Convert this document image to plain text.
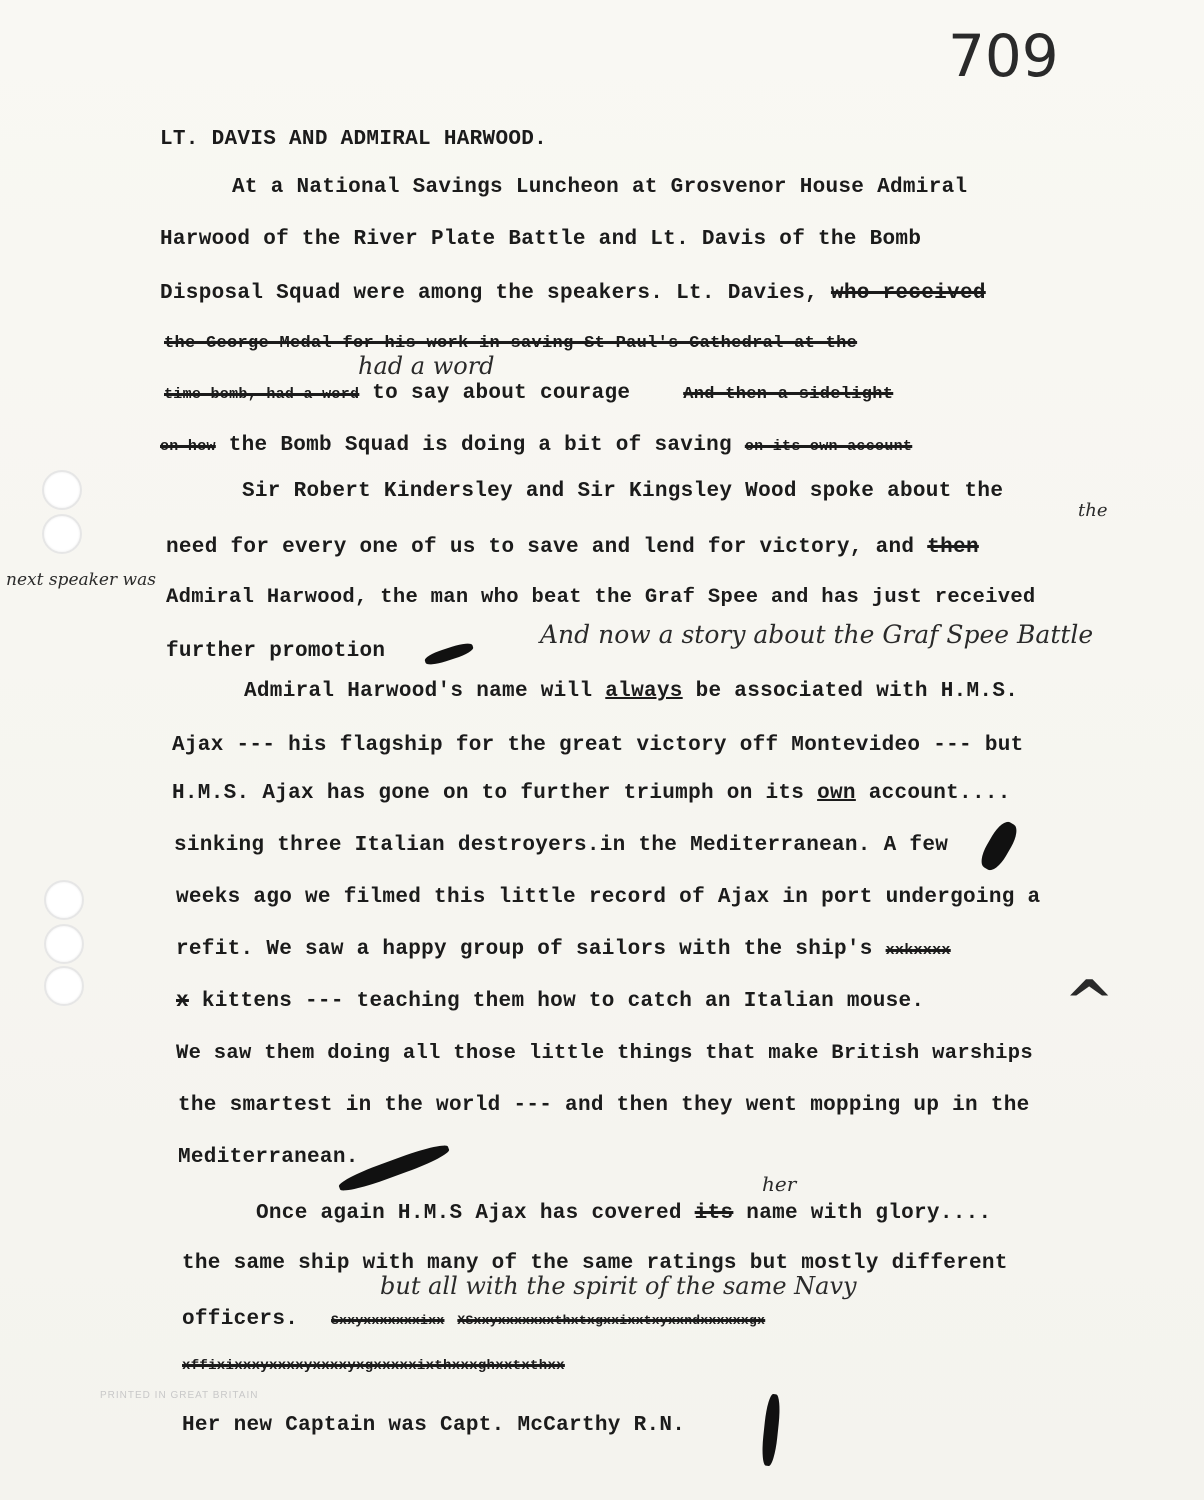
709
LT. DAVIS AND ADMIRAL HARWOOD.
At a National Savings Luncheon at Grosvenor House Admiral
Harwood of the River Plate Battle and Lt. Davis of the Bomb
Disposal Squad were among the speakers. Lt. Davies, who received
the George Medal for his work in saving St Paul's Cathedral at the
had a word
time bomb, had a word to say about courage	And then a sidelight
on how the Bomb Squad is doing a bit of saving on its own account
Sir Robert Kindersley and Sir Kingsley Wood spoke about the
the
need for every one of us to save and lend for victory, and then
next speaker was
Admiral Harwood, the man who beat the Graf Spee and has just received
further promotion
And now a story about the Graf Spee Battle
Admiral Harwood's name will always be associated with H.M.S.
Ajax --- his flagship for the great victory off Montevideo --- but
H.M.S. Ajax has gone on to further triumph on its own account....
sinking three Italian destroyers.in the Mediterranean. A few
weeks ago we filmed this little record of Ajax in port undergoing a
refit. We saw a happy group of sailors with the ship's xxkxxxx
x kittens --- teaching them how to catch an Italian mouse. ^
We saw them doing all those little things that make British warships
the smartest in the world --- and then they went mopping up in the
Mediterranean.
her
Once again H.M.S Ajax has covered its name with glory....
the same ship with many of the same ratings but mostly different
but all with the spirit of the same Navy
officers.	Sxxyxxxxxxxixx XSxxyxxxxxxxthxtxgxxixxtxyxxndxxxxxxgx
xffixixxxyxxxxyxxxxyxgxxxxxixthxxxghxxtxthxx
PRINTED IN GREAT BRITAIN
Her new Captain was Capt. McCarthy R.N.
